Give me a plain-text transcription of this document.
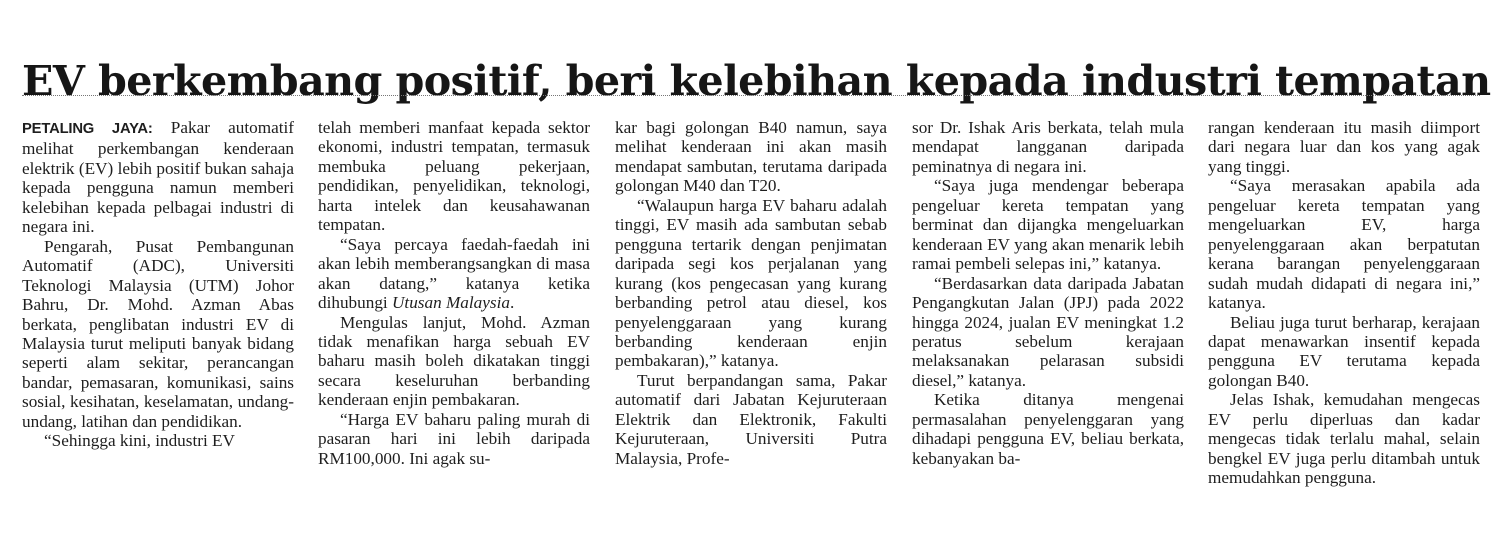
EV berkembang positif, beri kelebihan kepada industri tempatan

PETALING JAYA: Pakar automatif melihat perkembangan kenderaan elektrik (EV) lebih positif bukan sahaja kepada pengguna namun memberi kelebihan kepada pelbagai industri di negara ini.

Pengarah, Pusat Pembangunan Automatif (ADC), Universiti Teknologi Malaysia (UTM) Johor Bahru, Dr. Mohd. Azman Abas berkata, penglibatan industri EV di Malaysia turut meliputi banyak bidang seperti alam sekitar, perancangan bandar, pemasaran, komunikasi, sains sosial, kesihatan, keselamatan, undang-undang, latihan dan pendidikan.

“Sehingga kini, industri EV

telah memberi manfaat kepada sektor ekonomi, industri tempatan, termasuk membuka peluang pekerjaan, pendidikan, penyelidikan, teknologi, harta intelek dan keusahawanan tempatan.

“Saya percaya faedah-faedah ini akan lebih memberangsangkan di masa akan datang,” katanya ketika dihubungi Utusan Malaysia.

Mengulas lanjut, Mohd. Azman tidak menafikan harga sebuah EV baharu masih boleh dikatakan tinggi secara keseluruhan berbanding kenderaan enjin pembakaran.

“Harga EV baharu paling murah di pasaran hari ini lebih daripada RM100,000. Ini agak su-

kar bagi golongan B40 namun, saya melihat kenderaan ini akan masih mendapat sambutan, terutama daripada golongan M40 dan T20.

“Walaupun harga EV baharu adalah tinggi, EV masih ada sambutan sebab pengguna tertarik dengan penjimatan daripada segi kos perjalanan yang kurang (kos pengecasan yang kurang berbanding petrol atau diesel, kos penyelenggaraan yang kurang berbanding kenderaan enjin pembakaran),” katanya.

Turut berpandangan sama, Pakar automatif dari Jabatan Kejuruteraan Elektrik dan Elektronik, Fakulti Kejuruteraan, Universiti Putra Malaysia, Profe-

sor Dr. Ishak Aris berkata, telah mula mendapat langganan daripada peminatnya di negara ini.

“Saya juga mendengar beberapa pengeluar kereta tempatan yang berminat dan dijangka mengeluarkan kenderaan EV yang akan menarik lebih ramai pembeli selepas ini,” katanya.

“Berdasarkan data daripada Jabatan Pengangkutan Jalan (JPJ) pada 2022 hingga 2024, jualan EV meningkat 1.2 peratus sebelum kerajaan melaksanakan pelarasan subsidi diesel,” katanya.

Ketika ditanya mengenai permasalahan penyelenggaran yang dihadapi pengguna EV, beliau berkata, kebanyakan ba-

rangan kenderaan itu masih diimport dari negara luar dan kos yang agak yang tinggi.

“Saya merasakan apabila ada pengeluar kereta tempatan yang mengeluarkan EV, harga penyelenggaraan akan berpatutan kerana barangan penyelenggaraan sudah mudah didapati di negara ini,” katanya.

Beliau juga turut berharap, kerajaan dapat menawarkan insentif kepada pengguna EV terutama kepada golongan B40.

Jelas Ishak, kemudahan mengecas EV perlu diperluas dan kadar mengecas tidak terlalu mahal, selain bengkel EV juga perlu ditambah untuk memudahkan pengguna.
